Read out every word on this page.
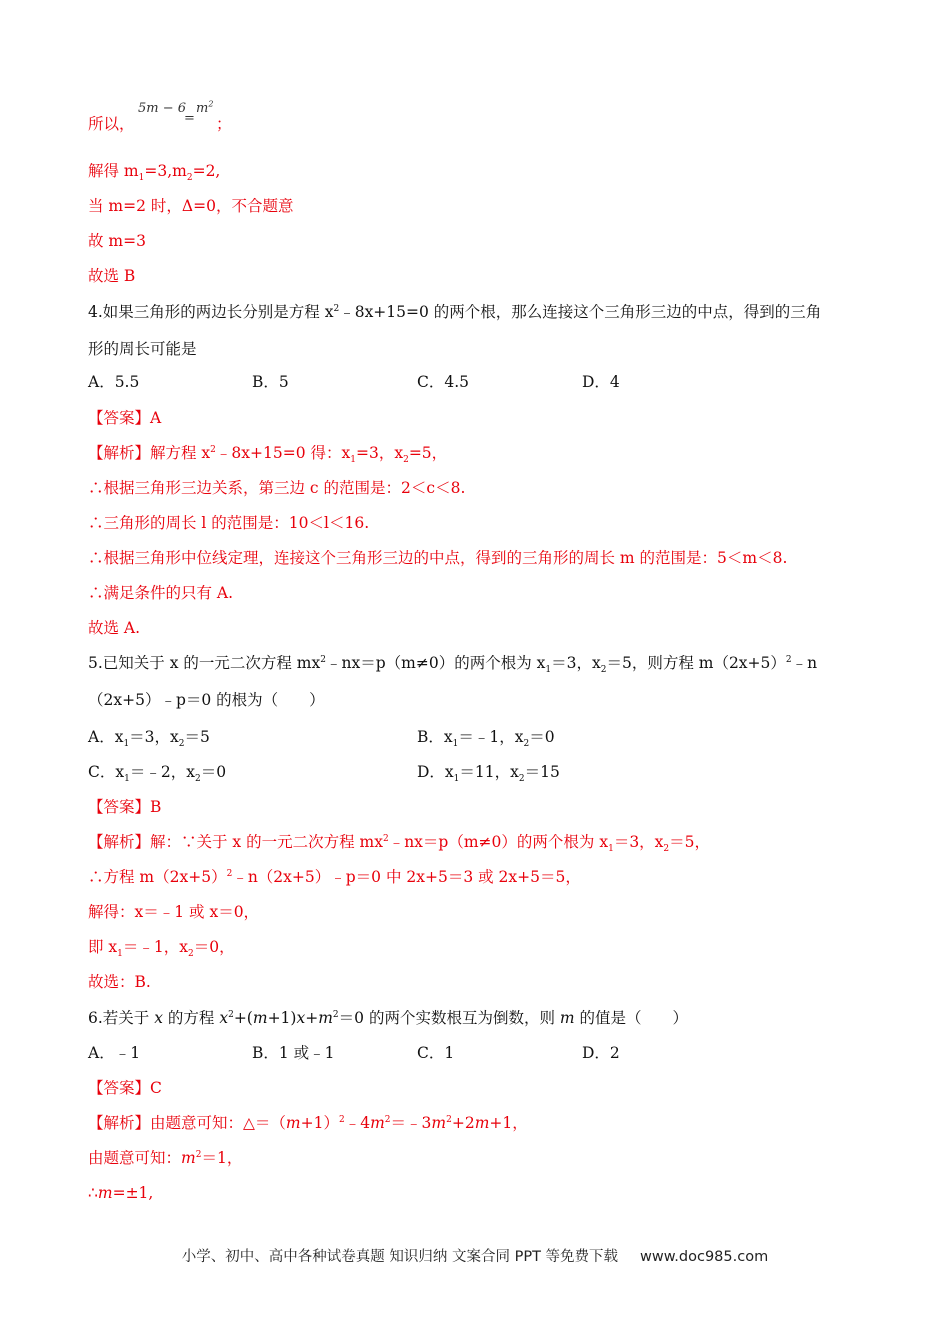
所以，
5m − 6
=
$m^2$
；
解得 $m_1=3,m_2=2$,
当 m=2 时，Δ=0，不合题意
故 m=3
故选 B
4.如果三角形的两边长分别是方程 $x^2﹣8x+15=0$ 的两个根，那么连接这个三角形三边的中点，得到的三角
形的周长可能是
A．5.5	B．5	C．4.5	D．4
【答案】A
【解析】解方程 $x^2﹣8x+15=0$ 得：$x_1=3$，$x_2=5$，
∴根据三角形三边关系，第三边 c 的范围是：2＜c＜8.
∴三角形的周长 l 的范围是：10＜l＜16.
∴根据三角形中位线定理，连接这个三角形三边的中点，得到的三角形的周长 m 的范围是：5＜m＜8.
∴满足条件的只有 A.
故选 A.
5.已知关于 x 的一元二次方程 $mx^2﹣nx=p(m\ne 0)$的两个根为 $x_1=3$，$x_2=5$，则方程 $m(2x+5)^2﹣n$
（2x+5）﹣p＝0 的根为（　　）
A．$x_1=3$，$x_2=5$	B．$x_1=﹣1$，$x_2=0$
C．$x_1=﹣2$，$x_2=0$	D．$x_1=11$，$x_2=15$
【答案】B
【解析】解：∵关于 x 的一元二次方程 $mx^2﹣nx=p(m\ne 0)$的两个根为 $x_1=3$，$x_2=5$，
∴方程 $m(2x+5)^2﹣n(2x+5)﹣p=0$ 中 2x+5＝3 或 2x+5＝5，
解得：x＝﹣1 或 x＝0，
即 $x_1=﹣1$，$x_2=0$，
故选：B.
6.若关于 x 的方程 $x^2+(m+1)x+m^2=0$ 的两个实数根互为倒数，则 m 的值是（　　）
A．﹣1	B．1 或﹣1	C．1	D．2
【答案】C
【解析】由题意可知：$\triangle=(m+1)^2﹣4m^2=﹣3m^2+2m+1$，
由题意可知：$m^2=1$，
∴m=±1,
小学、初中、高中各种试卷真题 知识归纳 文案合同 PPT 等免费下载 www.doc985.com
